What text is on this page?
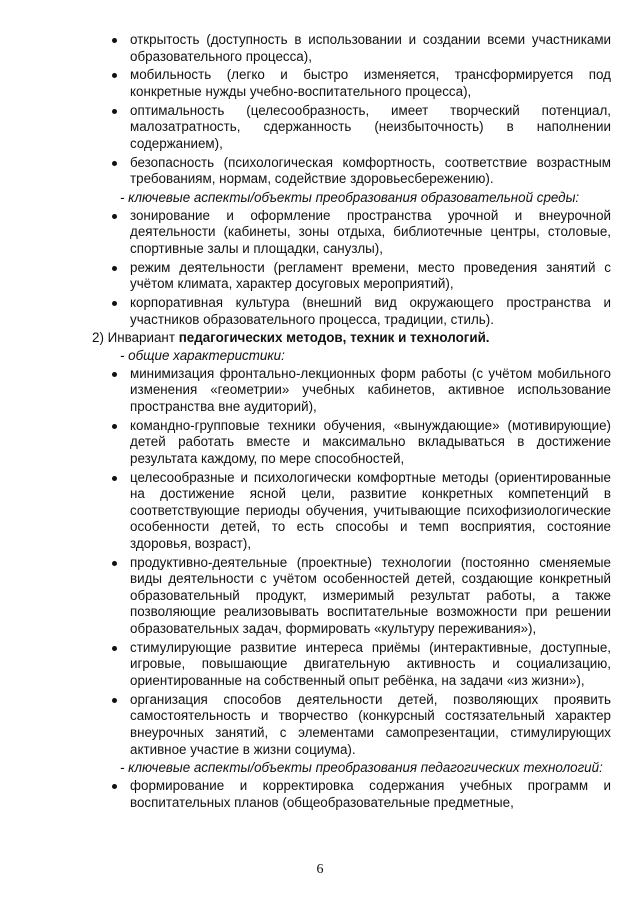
открытость (доступность в использовании и создании всеми участниками образовательного процесса),
мобильность (легко и быстро изменяется, трансформируется под конкретные нужды учебно-воспитательного процесса),
оптимальность (целесообразность, имеет творческий потенциал, малозатратность, сдержанность (неизбыточность) в наполнении содержанием),
безопасность (психологическая комфортность, соответствие возрастным требованиям, нормам, содействие здоровьесбережению).
- ключевые аспекты/объекты преобразования образовательной среды:
зонирование и оформление пространства урочной и внеурочной деятельности (кабинеты, зоны отдыха, библиотечные центры, столовые, спортивные залы и площадки, санузлы),
режим деятельности (регламент времени, место проведения занятий с учётом климата, характер досуговых мероприятий),
корпоративная культура (внешний вид окружающего пространства и участников образовательного процесса, традиции, стиль).
2) Инвариант педагогических методов, техник и технологий.
- общие характеристики:
минимизация фронтально-лекционных форм работы (с учётом мобильного изменения «геометрии» учебных кабинетов, активное использование пространства вне аудиторий),
командно-групповые техники обучения, «вынуждающие» (мотивирующие) детей работать вместе и максимально вкладываться в достижение результата каждому, по мере способностей,
целесообразные и психологически комфортные методы (ориентированные на достижение ясной цели, развитие конкретных компетенций в соответствующие периоды обучения, учитывающие психофизиологические особенности детей, то есть способы и темп восприятия, состояние здоровья, возраст),
продуктивно-деятельные (проектные) технологии (постоянно сменяемые виды деятельности с учётом особенностей детей, создающие конкретный образовательный продукт, измеримый результат работы, а также позволяющие реализовывать воспитательные возможности при решении образовательных задач, формировать «культуру переживания»),
стимулирующие развитие интереса приёмы (интерактивные, доступные, игровые, повышающие двигательную активность и социализацию, ориентированные на собственный опыт ребёнка, на задачи «из жизни»),
организация способов деятельности детей, позволяющих проявить самостоятельность и творчество (конкурсный состязательный характер внеурочных занятий, с элементами самопрезентации, стимулирующих активное участие в жизни социума).
- ключевые аспекты/объекты преобразования педагогических технологий:
формирование и корректировка содержания учебных программ и воспитательных планов (общеобразовательные предметные,
6
